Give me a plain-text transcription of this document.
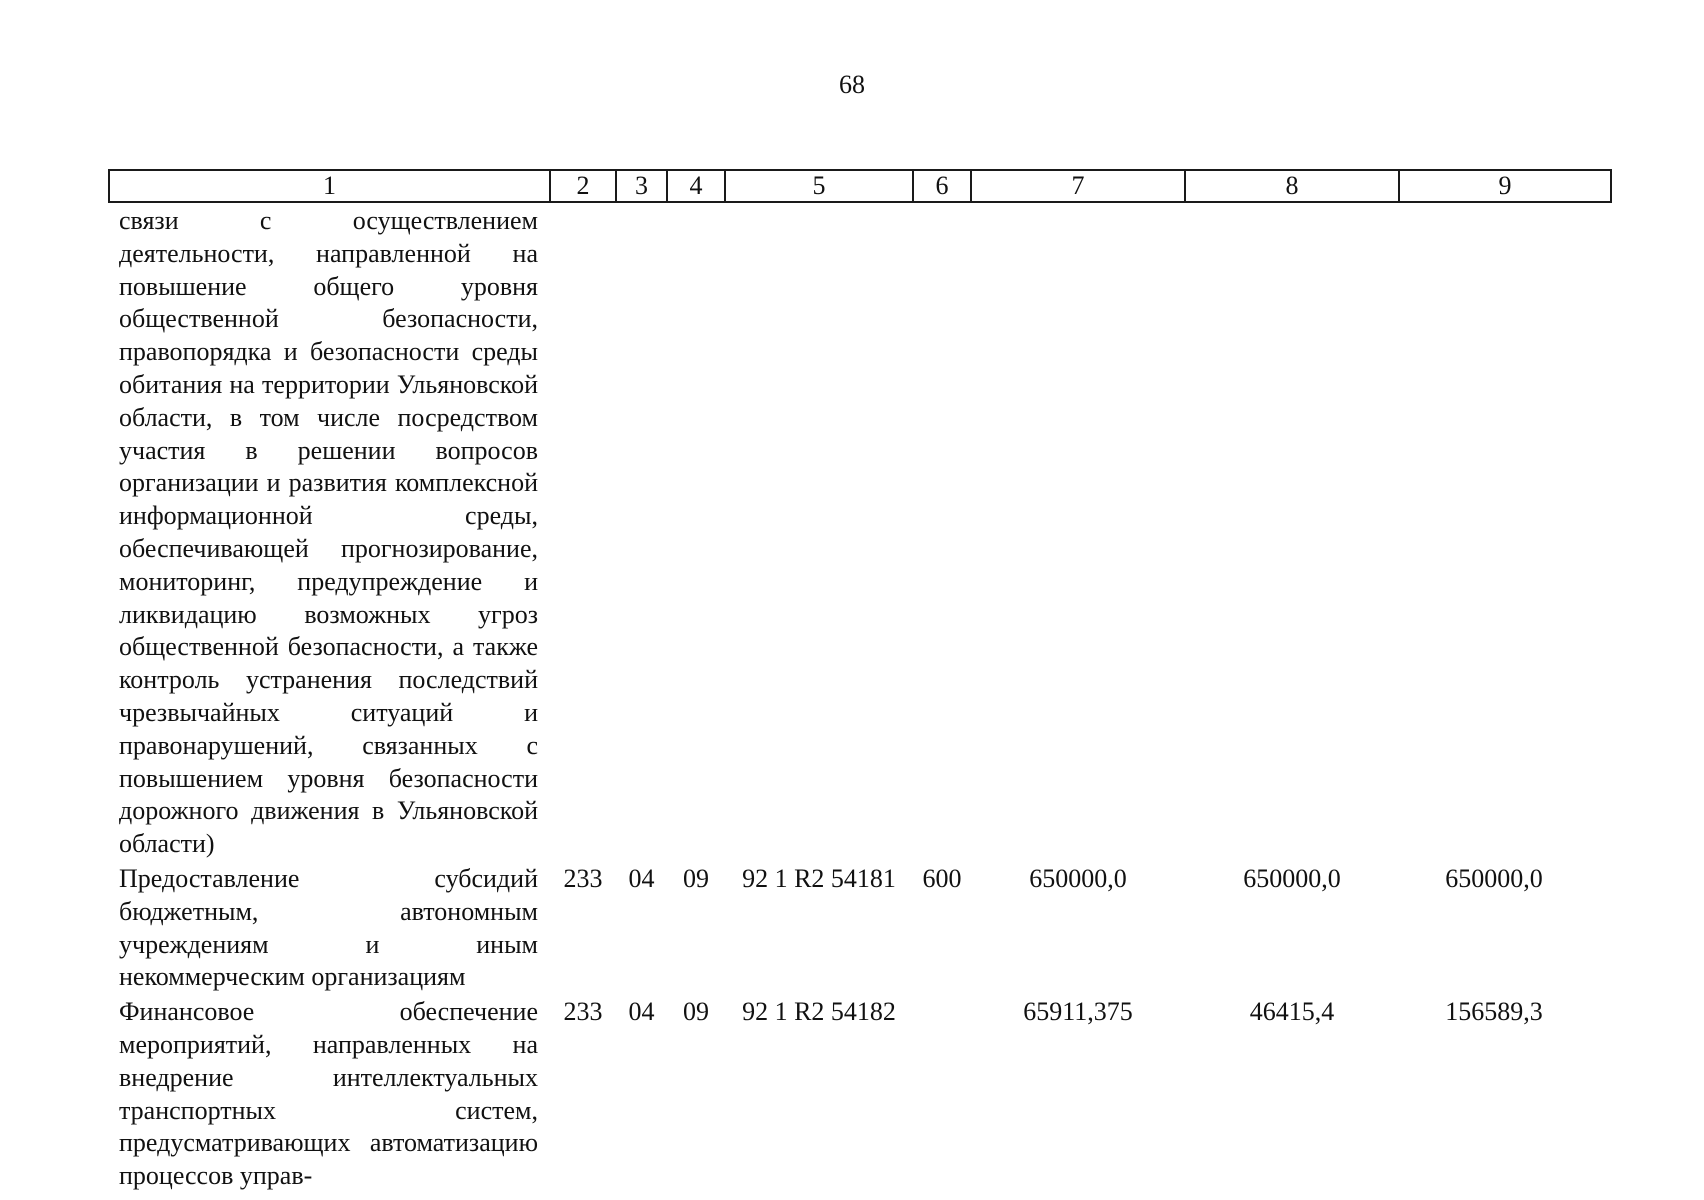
68
1	2	3	4	5	6	7	8	9
связи с осуществлением деятельности, направленной на повышение общего уровня общественной безопасности, правопорядка и безопасности среды обитания на территории Ульяновской области, в том числе посредством участия в решении вопросов организации и развития комплексной информационной среды, обеспечивающей прогнозирование, мониторинг, предупреждение и ликвидацию возможных угроз общественной безопасности, а также контроль устранения последствий чрезвычайных ситуаций и правонарушений, связанных с повышением уровня безопасности дорожного движения в Ульяновской области)								
Предоставление субсидий бюджетным, автономным учреждениям и иным некоммерческим организациям	233	04	09	92 1 R2 54181	600	650000,0	650000,0	650000,0
Финансовое обеспечение мероприятий, направленных на внедрение интеллектуальных транспортных систем, предусматривающих автоматизацию процессов управ-	233	04	09	92 1 R2 54182		65911,375	46415,4	156589,3
